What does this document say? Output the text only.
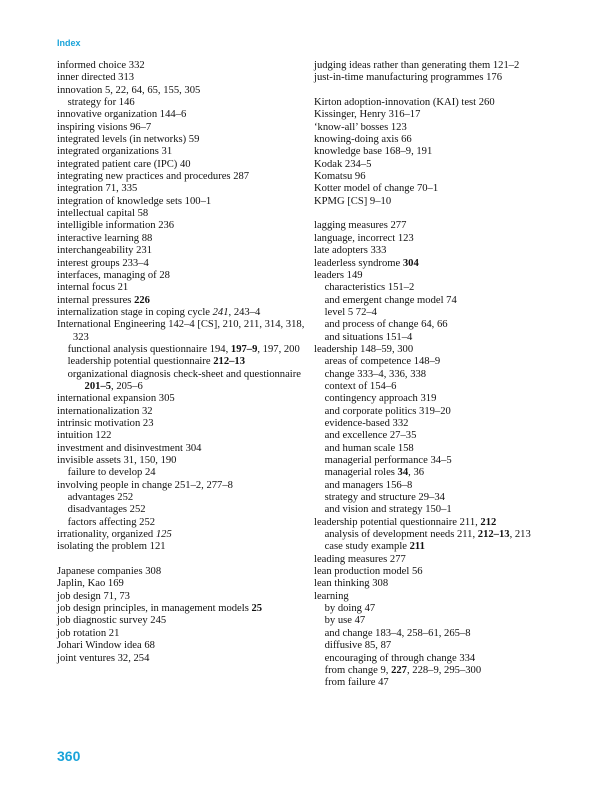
Index
informed choice 332
inner directed 313
innovation 5, 22, 64, 65, 155, 305
strategy for 146
innovative organization 144–6
inspiring visions 96–7
integrated levels (in networks) 59
integrated organizations 31
integrated patient care (IPC) 40
integrating new practices and procedures 287
integration 71, 335
integration of knowledge sets 100–1
intellectual capital 58
intelligible information 236
interactive learning 88
interchangeability 231
interest groups 233–4
interfaces, managing of 28
internal focus 21
internal pressures 226
internalization stage in coping cycle 241, 243–4
International Engineering 142–4 [CS], 210, 211, 314, 318, 323
functional analysis questionnaire 194, 197–9, 197, 200
leadership potential questionnaire 212–13
organizational diagnosis check-sheet and questionnaire 201–5, 205–6
international expansion 305
internationalization 32
intrinsic motivation 23
intuition 122
investment and disinvestment 304
invisible assets 31, 150, 190
failure to develop 24
involving people in change 251–2, 277–8
advantages 252
disadvantages 252
factors affecting 252
irrationality, organized 125
isolating the problem 121
Japanese companies 308
Japlin, Kao 169
job design 71, 73
job design principles, in management models 25
job diagnostic survey 245
job rotation 21
Johari Window idea 68
joint ventures 32, 254
judging ideas rather than generating them 121–2
just-in-time manufacturing programmes 176
Kirton adoption-innovation (KAI) test 260
Kissinger, Henry 316–17
‘know-all’ bosses 123
knowing-doing axis 66
knowledge base 168–9, 191
Kodak 234–5
Komatsu 96
Kotter model of change 70–1
KPMG [CS] 9–10
lagging measures 277
language, incorrect 123
late adopters 333
leaderless syndrome 304
leaders 149
characteristics 151–2
and emergent change model 74
level 5 72–4
and process of change 64, 66
and situations 151–4
leadership 148–59, 300
areas of competence 148–9
change 333–4, 336, 338
context of 154–6
contingency approach 319
and corporate politics 319–20
evidence-based 332
and excellence 27–35
and human scale 158
managerial performance 34–5
managerial roles 34, 36
and managers 156–8
strategy and structure 29–34
and vision and strategy 150–1
leadership potential questionnaire 211, 212
analysis of development needs 211, 212–13, 213
case study example 211
leading measures 277
lean production model 56
lean thinking 308
learning
by doing 47
by use 47
and change 183–4, 258–61, 265–8
diffusive 85, 87
encouraging of through change 334
from change 9, 227, 228–9, 295–300
from failure 47
360
